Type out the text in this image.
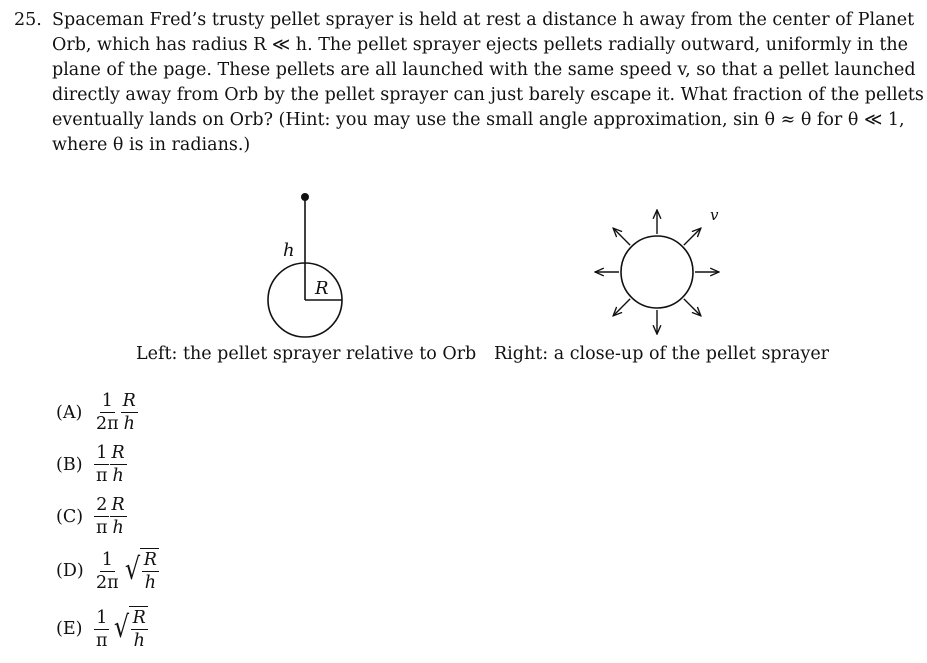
25. Spaceman Fred’s trusty pellet sprayer is held at rest a distance h away from the center of Planet
Orb, which has radius R ≪ h. The pellet sprayer ejects pellets radially outward, uniformly in the
plane of the page. These pellets are all launched with the same speed v, so that a pellet launched
directly away from Orb by the pellet sprayer can just barely escape it. What fraction of the pellets
eventually lands on Orb? (Hint: you may use the small angle approximation, sin θ ≈ θ for θ ≪ 1,
where θ is in radians.)
h
R
v
Left: the pellet sprayer relative to Orb Right: a close-up of the pellet sprayer
$(A) \frac{1}{2\pi} \frac{R}{h}$
$(B) \frac{1}{\pi} \frac{R}{h}$
$(C) \frac{2}{\pi} \frac{R}{h}$
$(D) \frac{1}{2\pi}$ √ $\frac{R}{h}$
$(E) \frac{1}{\pi}$ √ $\frac{R}{h}$
